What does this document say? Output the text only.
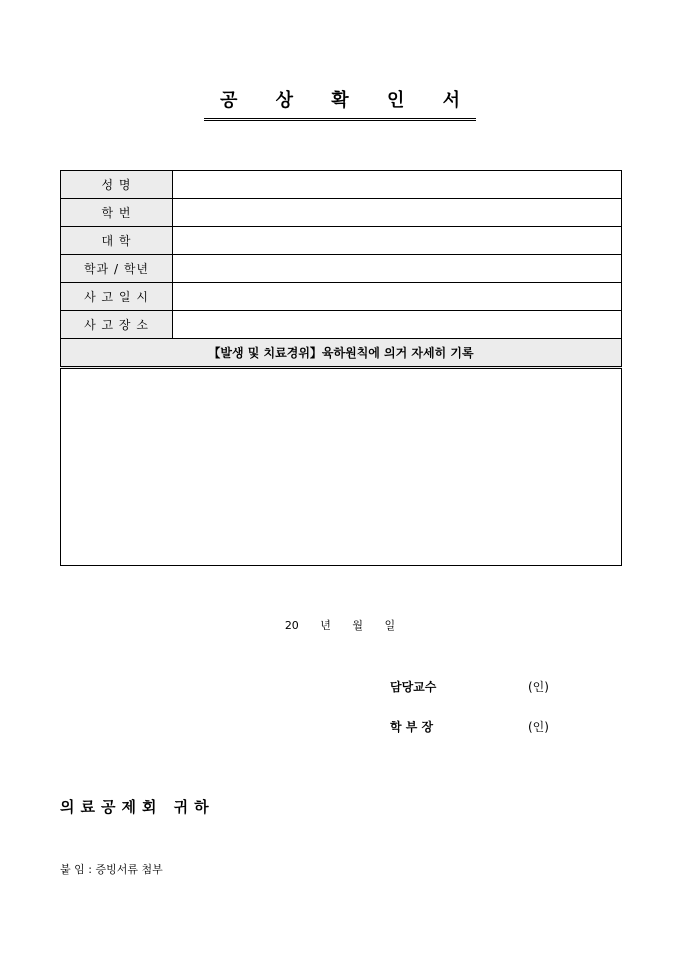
공 상 확 인 서
성 명	
학 번	
대 학	
학과 / 학년	
사 고 일 시	
사 고 장 소	
【발생 및 치료경위】육하원칙에 의거 자세히 기록	

20 년 월 일
담당교수	(인)
학 부 장	(인)
의료공제회 귀하
붙 임 : 증빙서류 첨부
